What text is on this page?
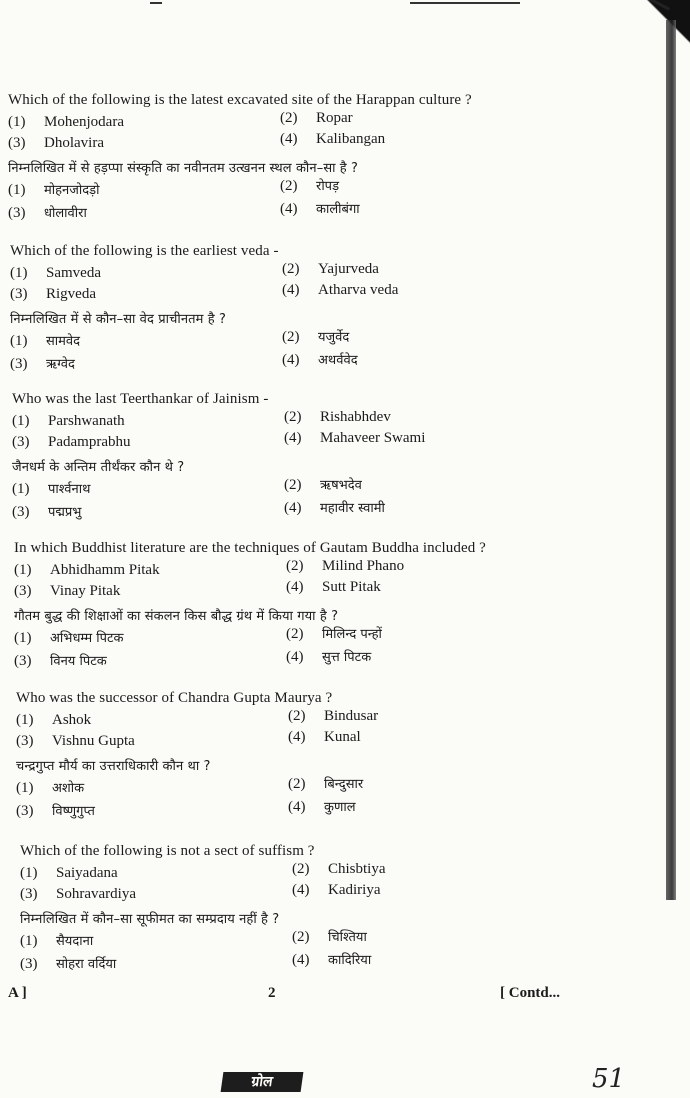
Which of the following is the latest excavated site of the Harappan culture ?
(1) Mohenjodara	(2) Ropar
(3) Dholavira	(4) Kalibangan
निम्नलिखित में से हड़प्पा संस्कृति का नवीनतम उत्खनन स्थल कौन–सा है ?
(1) मोहनजोदड़ो	(2) रोपड़
(3) धोलावीरा	(4) कालीबंगा
Which of the following is the earliest veda -
(1) Samveda	(2) Yajurveda
(3) Rigveda	(4) Atharva veda
निम्नलिखित में से कौन–सा वेद प्राचीनतम है ?
(1) सामवेद	(2) यजुर्वेद
(3) ऋग्वेद	(4) अथर्ववेद
Who was the last Teerthankar of Jainism -
(1) Parshwanath	(2) Rishabhdev
(3) Padamprabhu	(4) Mahaveer Swami
जैनधर्म के अन्तिम तीर्थंकर कौन थे ?
(1) पार्श्वनाथ	(2) ऋषभदेव
(3) पद्मप्रभु	(4) महावीर स्वामी
In which Buddhist literature are the techniques of Gautam Buddha included ?
(1) Abhidhamm Pitak	(2) Milind Phano
(3) Vinay Pitak	(4) Sutt Pitak
गौतम बुद्ध की शिक्षाओं का संकलन किस बौद्ध ग्रंथ में किया गया है ?
(1) अभिधम्म पिटक	(2) मिलिन्द पन्हों
(3) विनय पिटक	(4) सुत्त पिटक
Who was the successor of Chandra Gupta Maurya ?
(1) Ashok	(2) Bindusar
(3) Vishnu Gupta	(4) Kunal
चन्द्रगुप्त मौर्य का उत्तराधिकारी कौन था ?
(1) अशोक	(2) बिन्दुसार
(3) विष्णुगुप्त	(4) कुणाल
Which of the following is not a sect of suffism ?
(1) Saiyadana	(2) Chisbtiya
(3) Sohravardiya	(4) Kadiriya
निम्नलिखित में कौन–सा सूफीमत का सम्प्रदाय नहीं है ?
(1) सैयदाना	(2) चिश्तिया
(3) सोहरा वर्दिया	(4) कादिरिया
A ]	2	[ Contd...
ग्रोल	51
